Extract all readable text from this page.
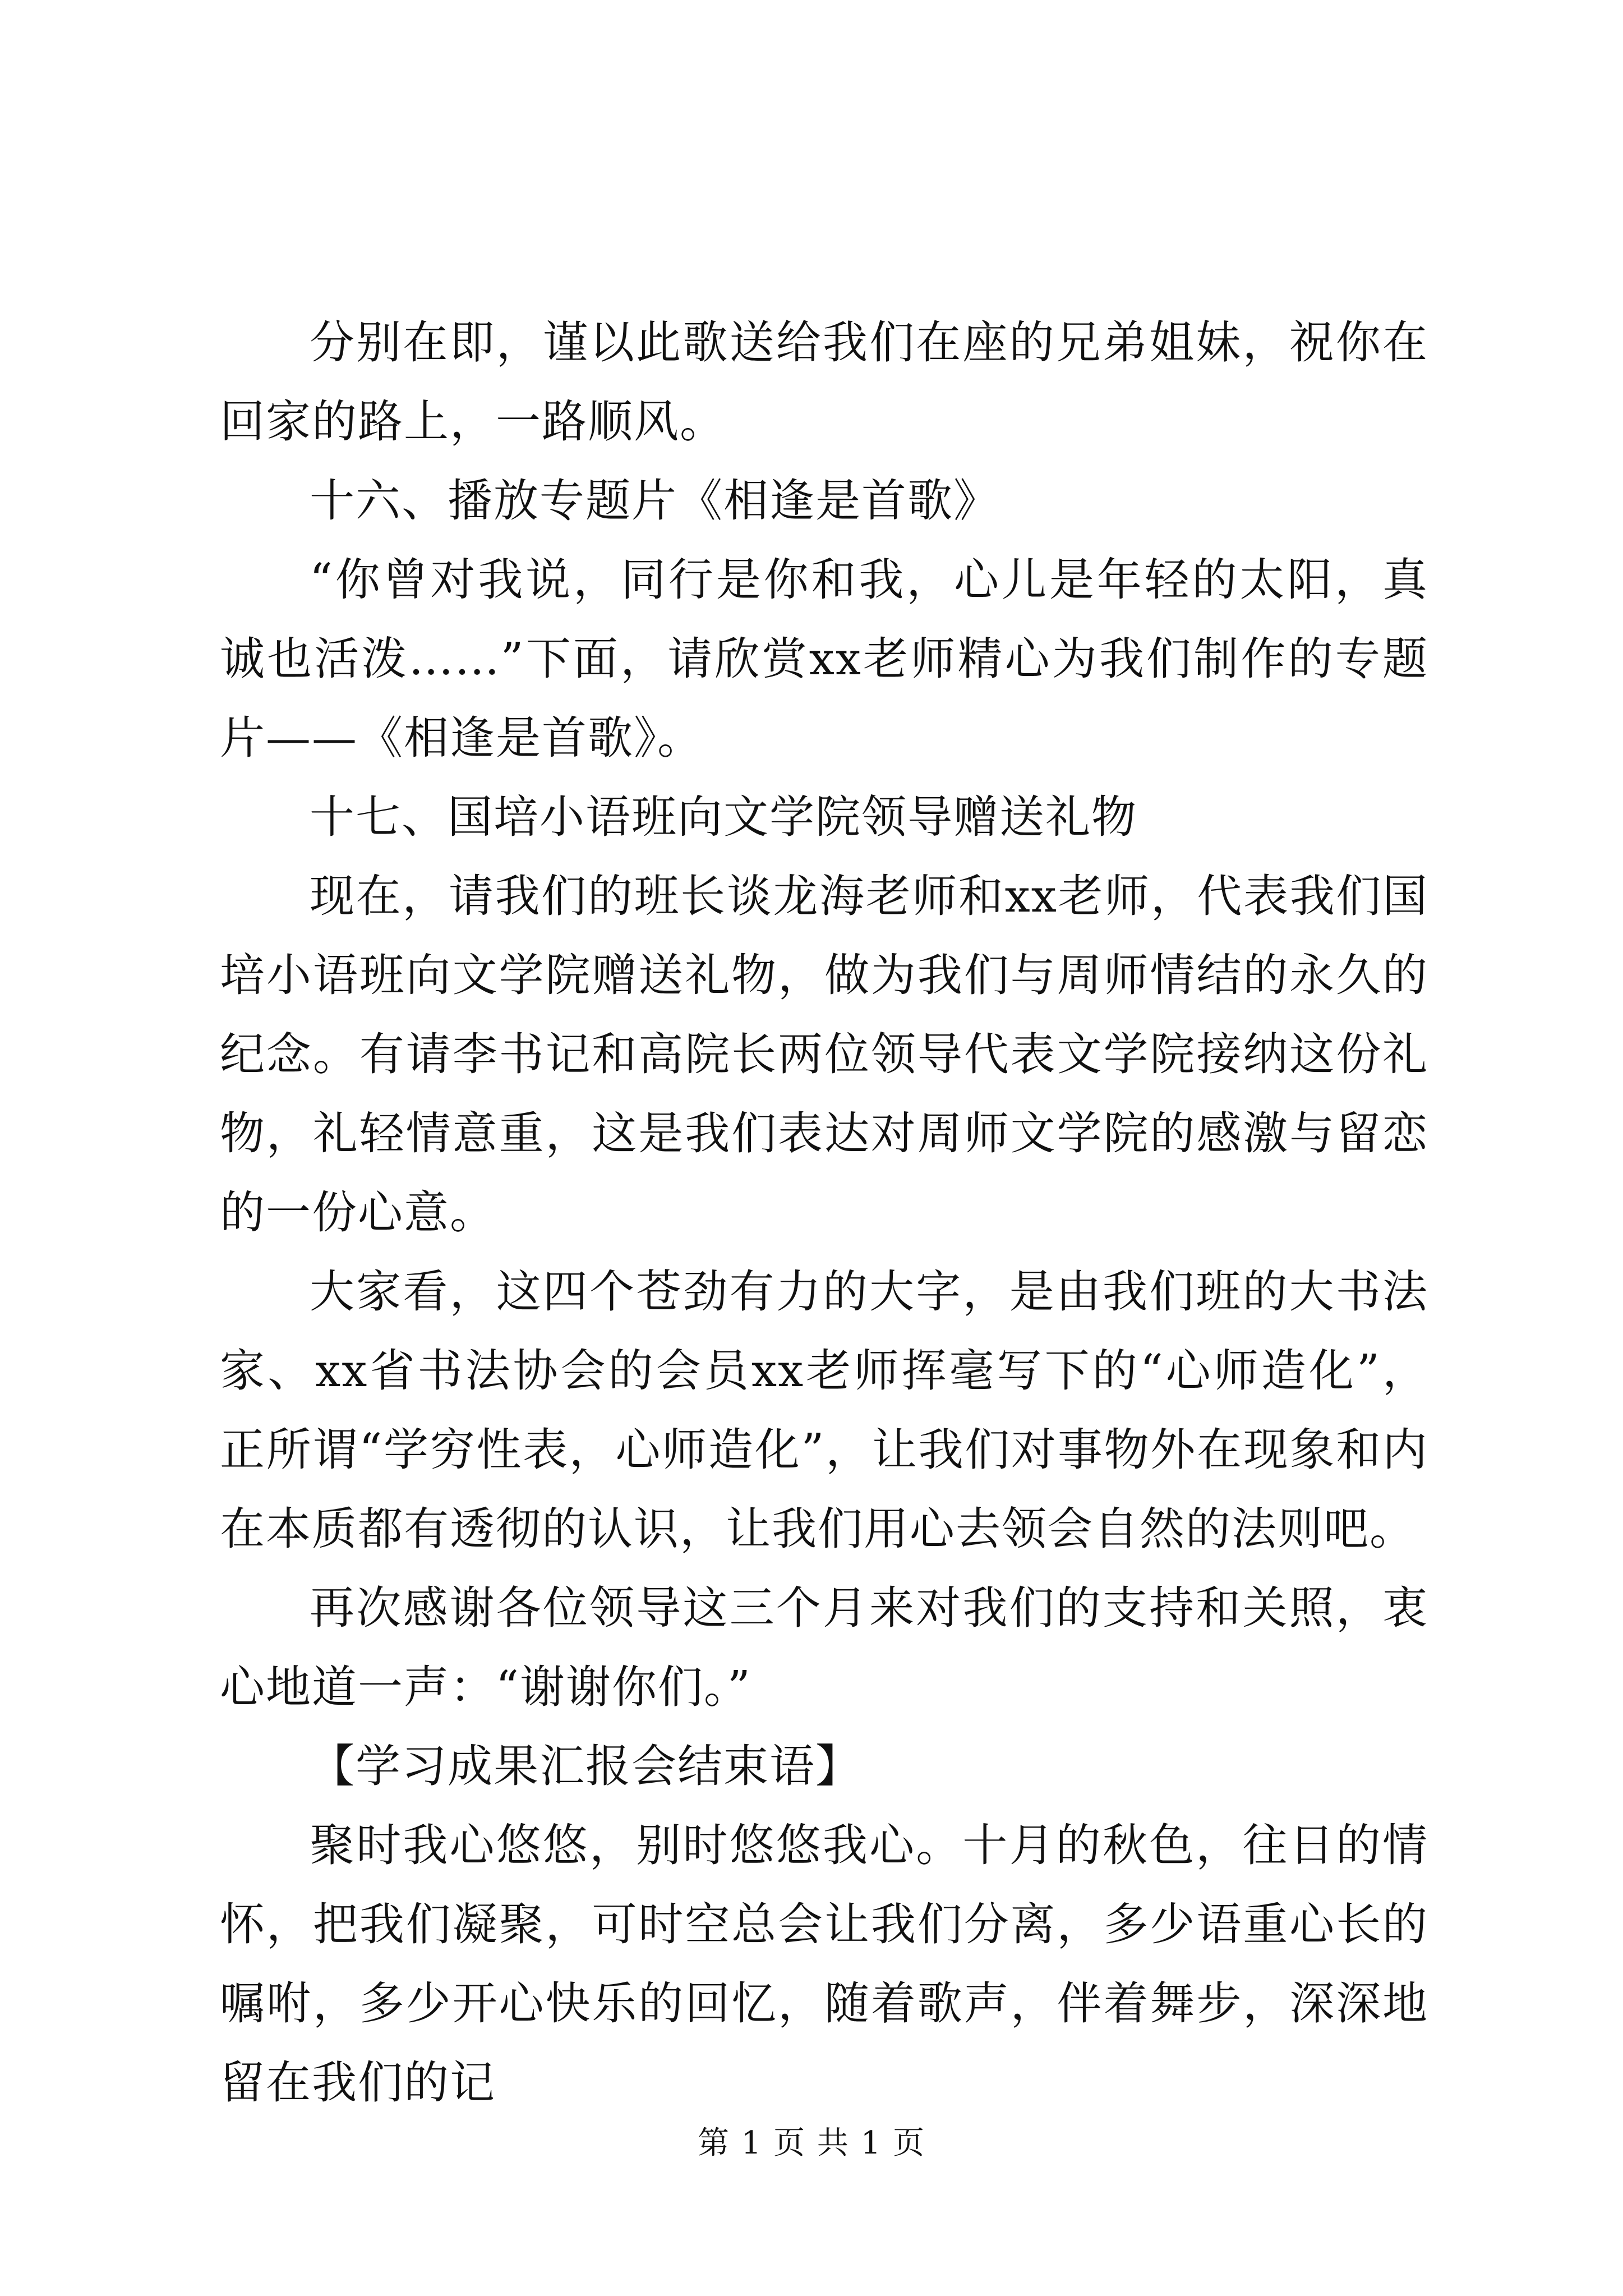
分别在即，谨以此歌送给我们在座的兄弟姐妹，祝你在回家的路上，一路顺风。

十六、播放专题片《相逢是首歌》

“你曾对我说，同行是你和我，心儿是年轻的太阳，真诚也活泼……”下面，请欣赏xx老师精心为我们制作的专题片——《相逢是首歌》。

十七、国培小语班向文学院领导赠送礼物

现在，请我们的班长谈龙海老师和xx老师，代表我们国培小语班向文学院赠送礼物，做为我们与周师情结的永久的纪念。有请李书记和高院长两位领导代表文学院接纳这份礼物，礼轻情意重，这是我们表达对周师文学院的感激与留恋的一份心意。

大家看，这四个苍劲有力的大字，是由我们班的大书法家、xx省书法协会的会员xx老师挥毫写下的“心师造化”，正所谓“学穷性表，心师造化”，让我们对事物外在现象和内在本质都有透彻的认识，让我们用心去领会自然的法则吧。

再次感谢各位领导这三个月来对我们的支持和关照，衷心地道一声：“谢谢你们。”

【学习成果汇报会结束语】

聚时我心悠悠，别时悠悠我心。十月的秋色，往日的情怀，把我们凝聚，可时空总会让我们分离，多少语重心长的嘱咐，多少开心快乐的回忆，随着歌声，伴着舞步，深深地留在我们的记

第 1 页 共 1 页
